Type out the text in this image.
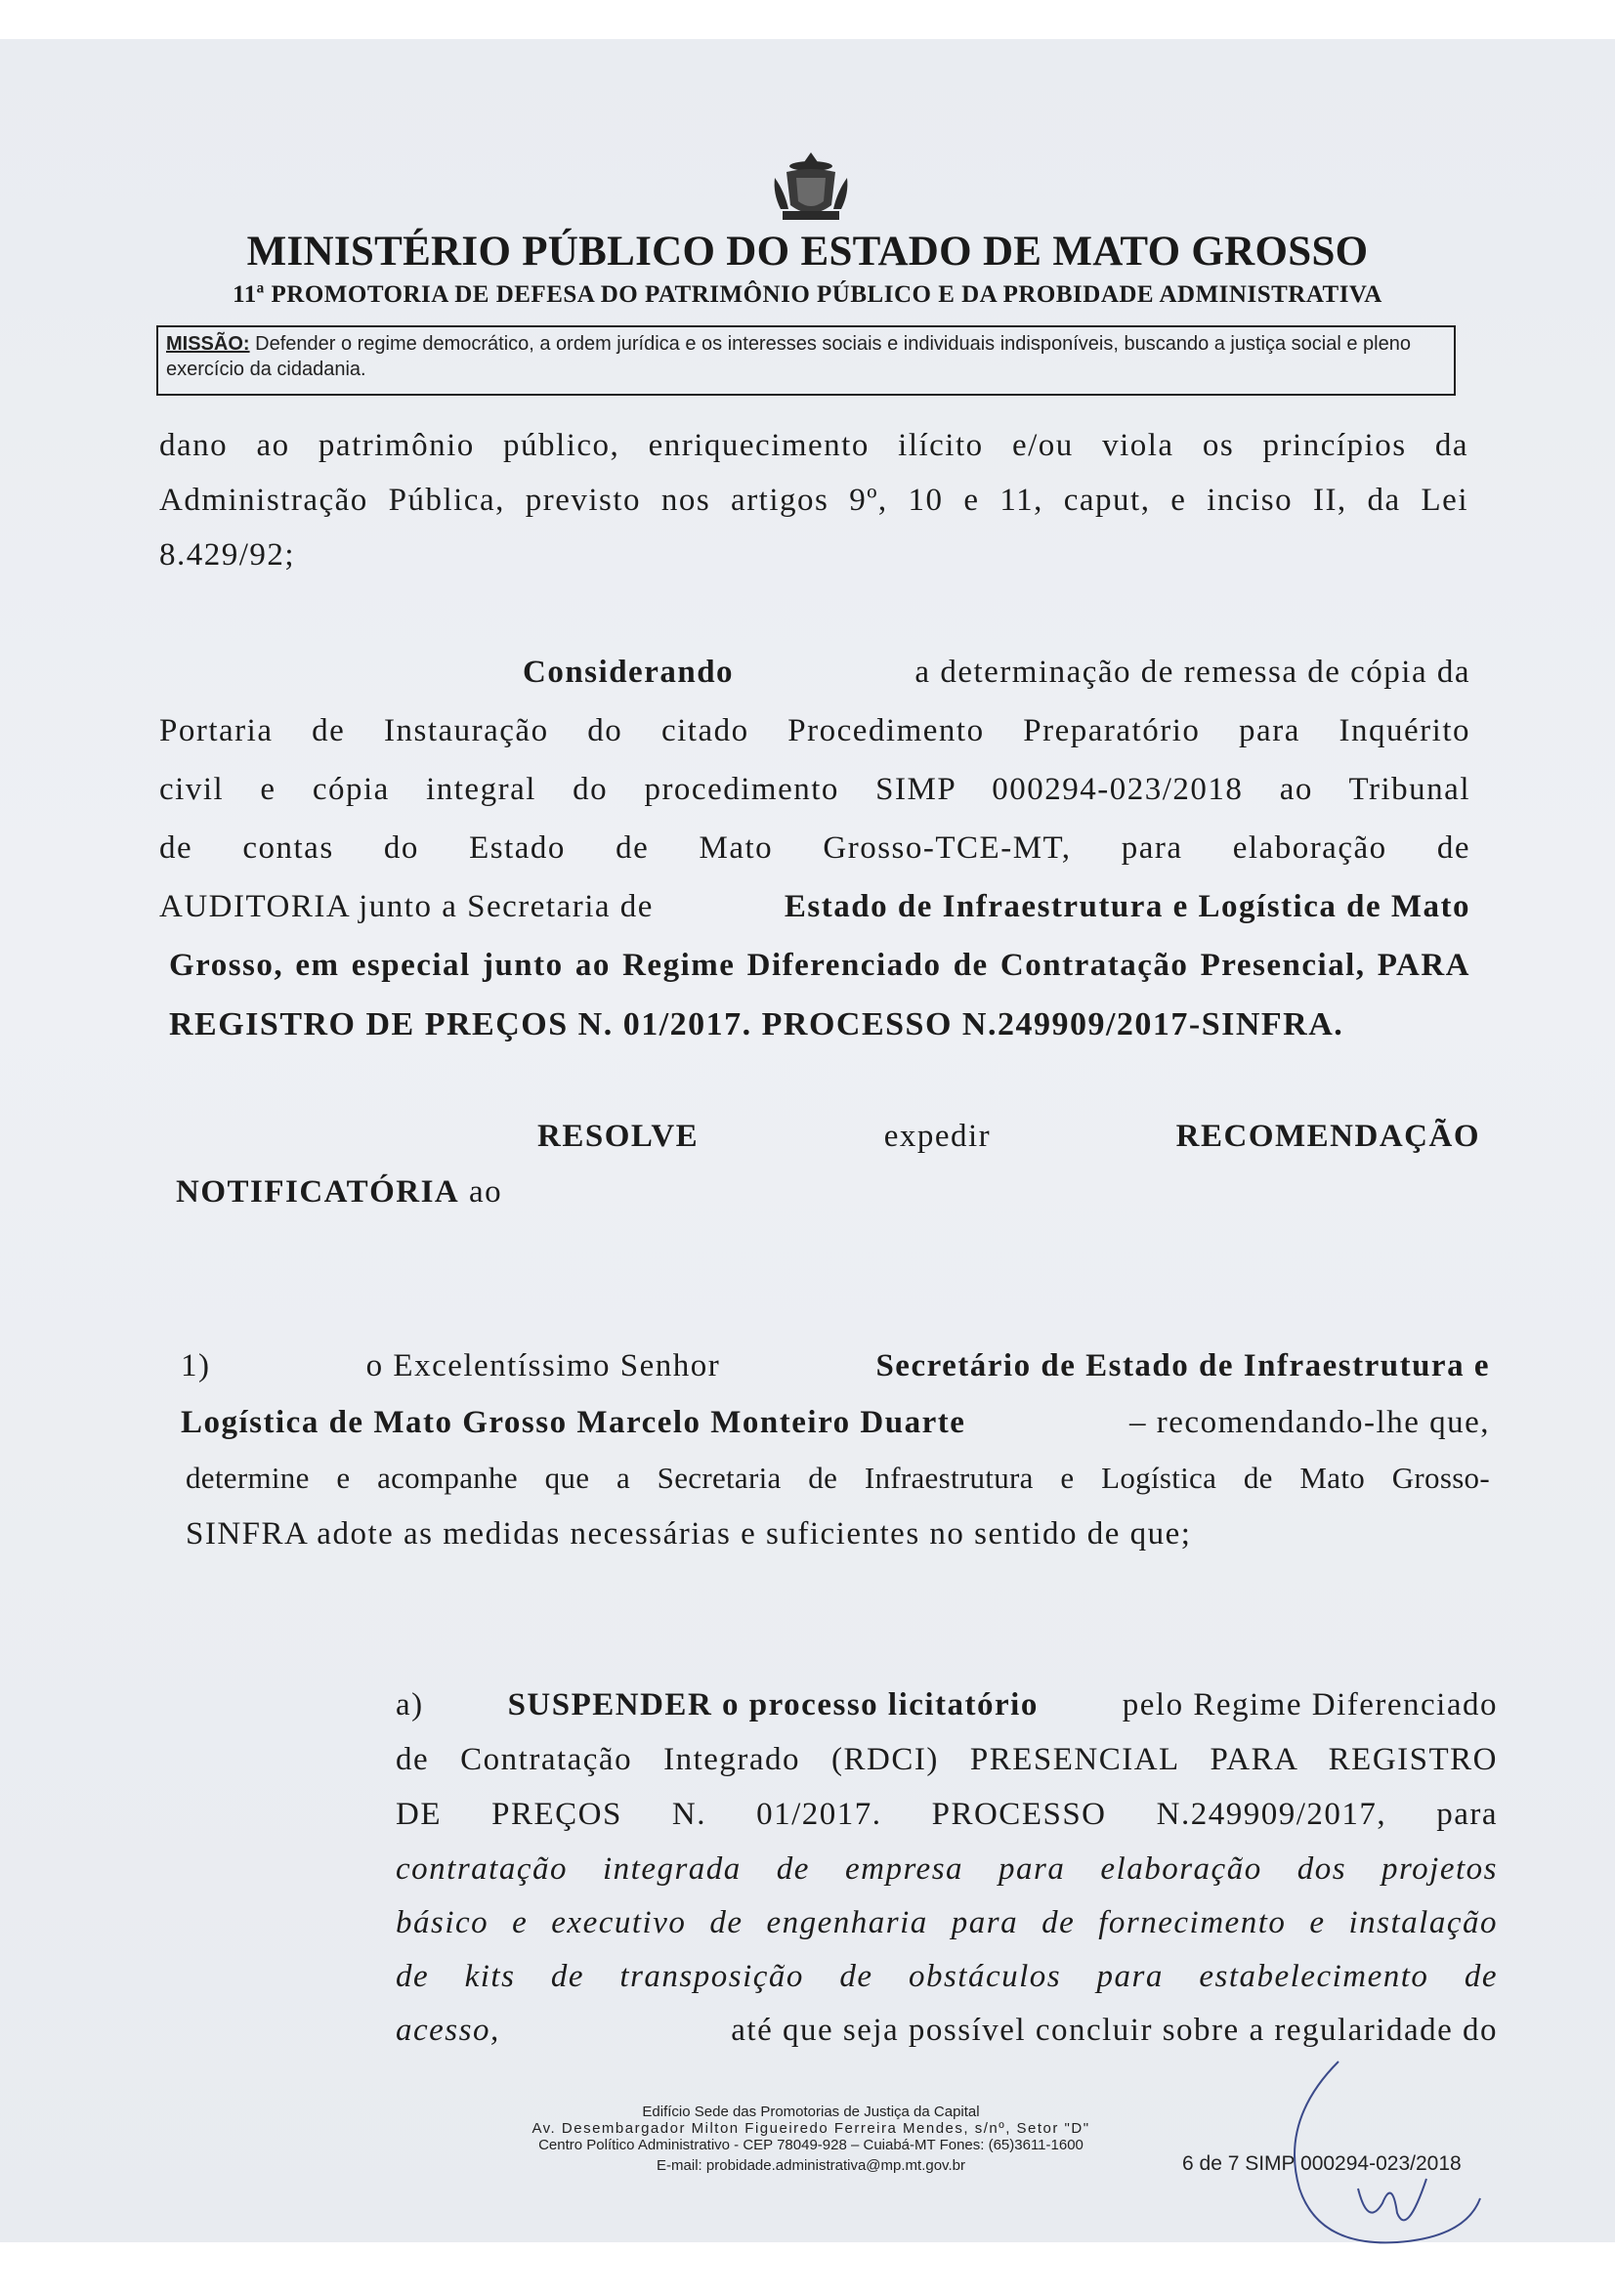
MINISTÉRIO PÚBLICO DO ESTADO DE MATO GROSSO
11ª PROMOTORIA DE DEFESA DO PATRIMÔNIO PÚBLICO E DA PROBIDADE ADMINISTRATIVA
MISSÃO: Defender o regime democrático, a ordem jurídica e os interesses sociais e individuais indisponíveis, buscando a justiça social e pleno exercício da cidadania.
dano ao patrimônio público, enriquecimento ilícito e/ou viola os princípios da
Administração Pública, previsto nos artigos 9º, 10 e 11, caput, e inciso II, da Lei
8.429/92;
Considerando	a determinação de remessa de cópia da
Portaria de Instauração do citado Procedimento Preparatório para Inquérito
civil e cópia integral do procedimento SIMP 000294-023/2018 ao Tribunal
de contas do Estado de Mato Grosso-TCE-MT, para elaboração de
AUDITORIA junto a Secretaria de	Estado de Infraestrutura e Logística de Mato
Grosso, em especial junto ao Regime Diferenciado de Contratação Presencial, PARA
REGISTRO DE PREÇOS N. 01/2017. PROCESSO N.249909/2017-SINFRA.
RESOLVE	expedir	RECOMENDAÇÃO
NOTIFICATÓRIA ao
1)	o Excelentíssimo Senhor	Secretário de Estado de Infraestrutura e
Logística de Mato Grosso Marcelo Monteiro Duarte	– recomendando-lhe que,
determine e acompanhe que a Secretaria de Infraestrutura e Logística de Mato Grosso-
SINFRA adote as medidas necessárias e suficientes no sentido de que;
a)	SUSPENDER o processo licitatório	pelo Regime Diferenciado
de Contratação Integrado (RDCI) PRESENCIAL PARA REGISTRO
DE PREÇOS N. 01/2017. PROCESSO N.249909/2017, para
contratação integrada de empresa para elaboração dos projetos
básico e executivo de engenharia para de fornecimento e instalação
de kits de transposição de obstáculos para estabelecimento de
acesso,	até que seja possível concluir sobre a regularidade do
Edifício Sede das Promotorias de Justiça da Capital
Av. Desembargador Milton Figueiredo Ferreira Mendes, s/nº, Setor "D"
Centro Político Administrativo - CEP 78049-928 – Cuiabá-MT Fones: (65)3611-1600
E-mail: probidade.administrativa@mp.mt.gov.br	6 de 7 SIMP 000294-023/2018
